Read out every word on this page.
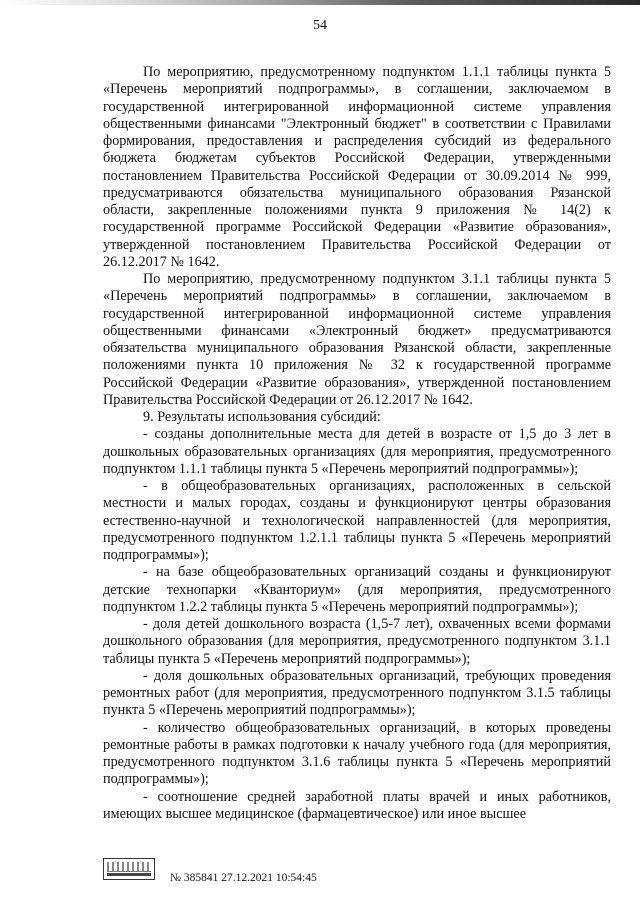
54

По мероприятию, предусмотренному подпунктом 1.1.1 таблицы пункта 5 «Перечень мероприятий подпрограммы», в соглашении, заключаемом в государственной интегрированной информационной системе управления общественными финансами "Электронный бюджет" в соответствии с Правилами формирования, предоставления и распределения субсидий из федерального бюджета бюджетам субъектов Российской Федерации, утвержденными постановлением Правительства Российской Федерации от 30.09.2014 № 999, предусматриваются обязательства муниципального образования Рязанской области, закрепленные положениями пункта 9 приложения № 14(2) к государственной программе Российской Федерации «Развитие образования», утвержденной постановлением Правительства Российской Федерации от 26.12.2017 № 1642.

По мероприятию, предусмотренному подпунктом 3.1.1 таблицы пункта 5 «Перечень мероприятий подпрограммы» в соглашении, заключаемом в государственной интегрированной информационной системе управления общественными финансами «Электронный бюджет» предусматриваются обязательства муниципального образования Рязанской области, закрепленные положениями пункта 10 приложения № 32 к государственной программе Российской Федерации «Развитие образования», утвержденной постановлением Правительства Российской Федерации от 26.12.2017 № 1642.

9. Результаты использования субсидий:

- созданы дополнительные места для детей в возрасте от 1,5 до 3 лет в дошкольных образовательных организациях (для мероприятия, предусмотренного подпунктом 1.1.1 таблицы пункта 5 «Перечень мероприятий подпрограммы»);

- в общеобразовательных организациях, расположенных в сельской местности и малых городах, созданы и функционируют центры образования естественно-научной и технологической направленностей (для мероприятия, предусмотренного подпунктом 1.2.1.1 таблицы пункта 5 «Перечень мероприятий подпрограммы»);

- на базе общеобразовательных организаций созданы и функционируют детские технопарки «Кванториум» (для мероприятия, предусмотренного подпунктом 1.2.2 таблицы пункта 5 «Перечень мероприятий подпрограммы»);

- доля детей дошкольного возраста (1,5-7 лет), охваченных всеми формами дошкольного образования (для мероприятия, предусмотренного подпунктом 3.1.1 таблицы пункта 5 «Перечень мероприятий подпрограммы»);

- доля дошкольных образовательных организаций, требующих проведения ремонтных работ (для мероприятия, предусмотренного подпунктом 3.1.5 таблицы пункта 5 «Перечень мероприятий подпрограммы»);

- количество общеобразовательных организаций, в которых проведены ремонтные работы в рамках подготовки к началу учебного года (для мероприятия, предусмотренного подпунктом 3.1.6 таблицы пункта 5 «Перечень мероприятий подпрограммы»);

- соотношение средней заработной платы врачей и иных работников, имеющих высшее медицинское (фармацевтическое) или иное высшее

№ 385841 27.12.2021 10:54:45
